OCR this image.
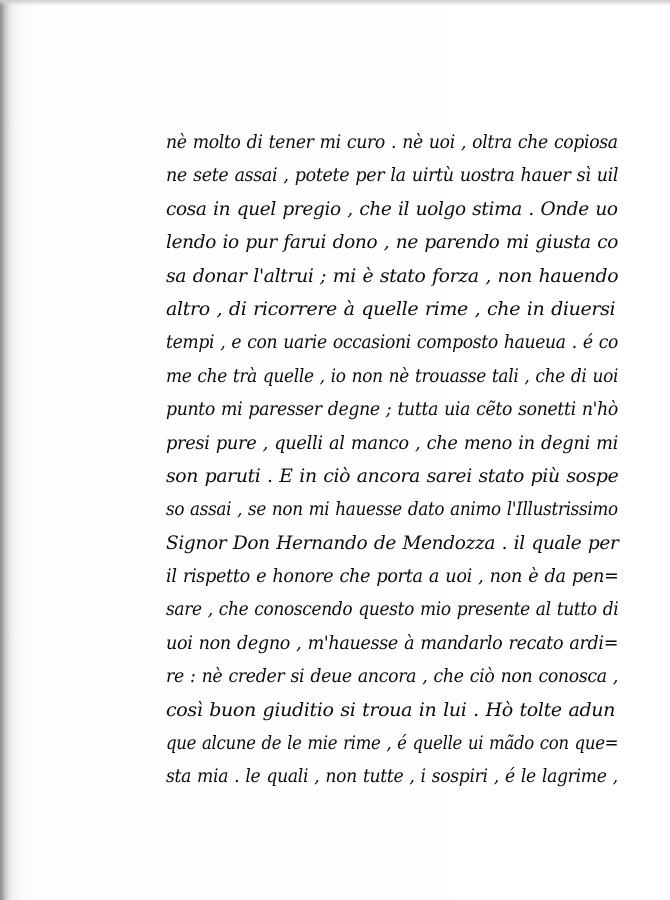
nè molto di tener mi curo . nè uoi , oltra che copiosa
ne sete assai , potete per la uirtù uostra hauer sì uil
cosa in quel pregio , che il uolgo stima . Onde uo
lendo io pur farui dono , ne parendo mi giusta co
sa donar l'altrui ; mi è stato forza , non hauendo
altro , di ricorrere à quelle rime , che in diuersi
tempi , e con uarie occasioni composto haueua . é co
me che trà quelle , io non nè trouasse tali , che di uoi
punto mi paresser degne ; tutta uia cẽto sonetti n'hò
presi pure , quelli al manco , che meno in degni mi
son paruti . E in ciò ancora sarei stato più sospe
so assai , se non mi hauesse dato animo l'Illustrissimo
Signor Don Hernando de Mendozza . il quale per
il rispetto e honore che porta a uoi , non è da pen=
sare , che conoscendo questo mio presente al tutto di
uoi non degno , m'hauesse à mandarlo recato ardi=
re : nè creder si deue ancora , che ciò non conosca ,
così buon giuditio si troua in lui . Hò tolte adun
que alcune de le mie rime , é quelle ui mãdo con que=
sta mia . le quali , non tutte , i sospiri , é le lagrime ,
